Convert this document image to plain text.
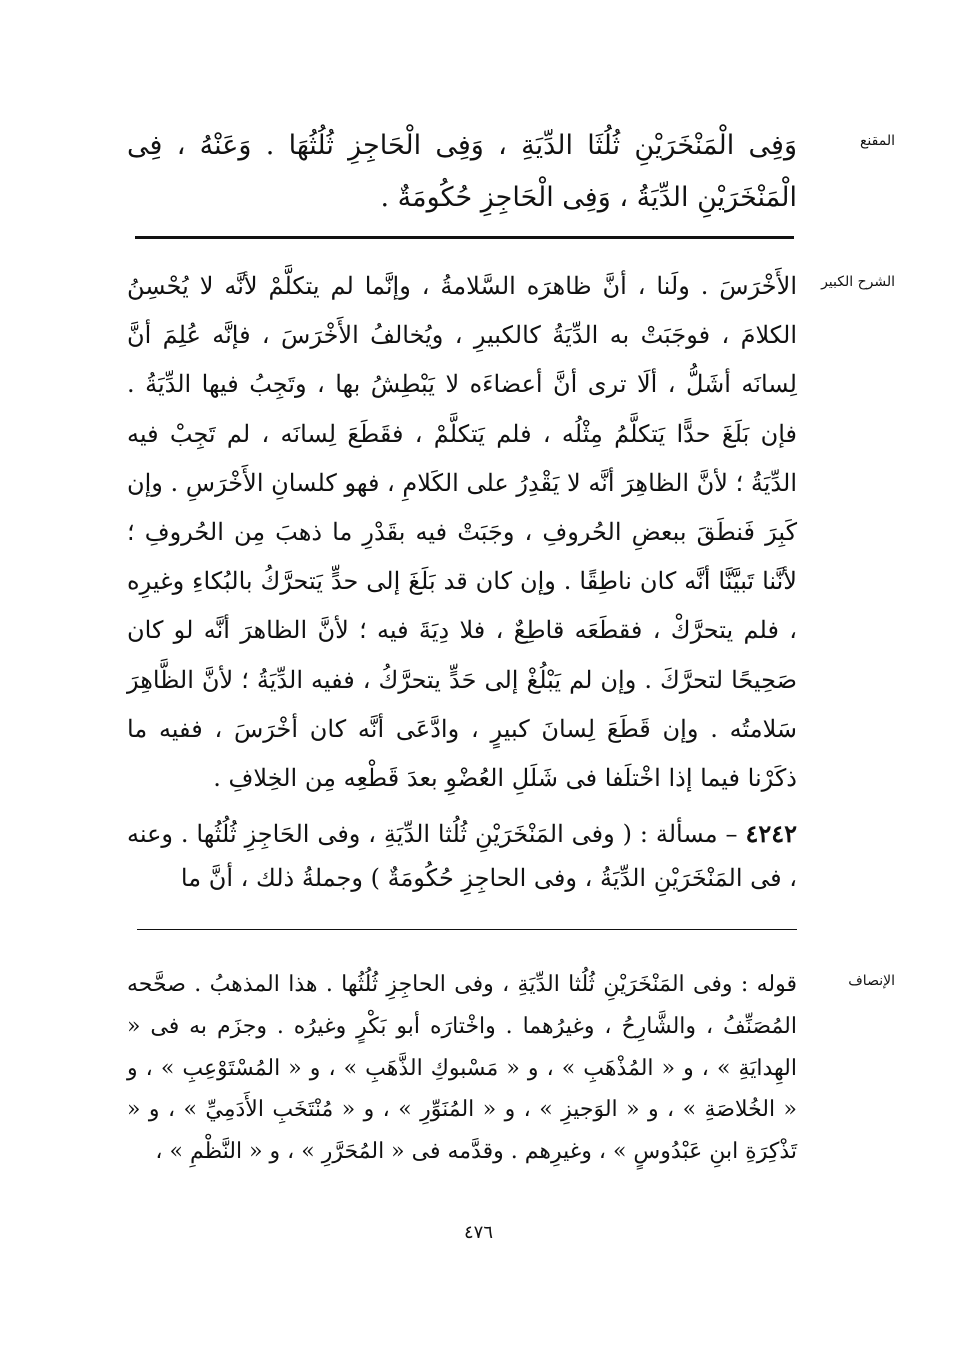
المقنع

وَفِى الْمَنْخَرَيْنِ ثُلُثَا الدِّيَةِ ، وَفِى الْحَاجِزِ ثُلُثُهَا . وَعَنْهُ ، فِى الْمَنْخَرَيْنِ الدِّيَةُ ، وَفِى الْحَاجِزِ حُكُومَةٌ .

الشرح الكبير

الأَخْرَسَ . ولَنا ، أنَّ ظاهرَه السَّلامةُ ، وإنَّما لم يتكلَّمْ لأنَّه لا يُحْسِنُ الكلامَ ، فوجَبَتْ به الدِّيَةُ كالكبيرِ ، ويُخالفُ الأَخْرَسَ ، فإنَّه عُلِمَ أنَّ لِسانَه أشَلُّ ، ألَا ترى أنَّ أعضاءَه لا يَبْطِشُ بها ، وتَجِبُ فيها الدِّيَةُ . فإن بَلَغَ حدًّا يَتكلَّمُ مِثْلُه ، فلم يَتكلَّمْ ، فقَطَعَ لِسانَه ، لم تَجِبْ فيه الدِّيَةُ ؛ لأنَّ الظاهِرَ أنَّه لا يَقْدِرُ على الكَلامِ ، فهو كلسانِ الأَخْرَسِ . وإن كَبِرَ فَنطَقَ ببعضِ الحُروفِ ، وجَبَتْ فيه بقَدْرِ ما ذهبَ مِن الحُروفِ ؛ لأنَّنا تَبيَّنَّا أنَّه كان ناطِقًا . وإن كان قد بَلَغَ إلى حدٍّ يَتحرَّكُ بالبُكاءِ وغيرِه ، فلم يتحرَّكْ ، فقطَعَه قاطِعٌ ، فلا دِيَةَ فيه ؛ لأنَّ الظاهرَ أنَّه لو كان صَحِيحًا لتحرَّكَ . وإن لم يَبْلُغْ إلى حَدٍّ يتحرَّكُ ، ففيه الدِّيَةُ ؛ لأنَّ الظَّاهِرَ سَلامتُه . وإن قَطَعَ لِسانَ كبيرٍ ، وادَّعَى أنَّه كان أخْرَسَ ، ففيه ما ذكَرْنا فيما إذا اخْتلَفا فى شَلَلِ العُضْوِ بعدَ قَطْعِه مِن الخِلافِ .

٤٢٤٢ – مسألة : ( وفى المَنْخَرَيْنِ ثُلُثا الدِّيَةِ ، وفى الحَاجِزِ ثُلُثُها . وعنه ، فى المَنْخَرَيْنِ الدِّيَةُ ، وفى الحاجِزِ حُكُومَةٌ ) وجملةُ ذلك ، أنَّ ما

الإنصاف

قوله : وفى المَنْخَرَيْنِ ثُلُثا الدِّيَةِ ، وفى الحاجِزِ ثُلُثُها . هذا المذهبُ . صحَّحه المُصَنِّفُ ، والشَّارِحُ ، وغيرُهما . واخْتارَه أبو بَكْرٍ وغيرُه . وجزَم به فى « الهِدايَةِ » ، و « المُذْهَبِ » ، و « مَسْبوكِ الذَّهَبِ » ، و « المُسْتَوْعِبِ » ، و « الخُلاصَةِ » ، و « الوَجيزِ » ، و « المُنَوِّرِ » ، و « مُنْتَخَبِ الأَدَمِيِّ » ، و « تَذْكِرَةِ ابنِ عَبْدُوسٍ » ، وغيرِهم . وقدَّمه فى « المُحَرَّرِ » ، و « النَّظْمِ » ،

٤٧٦
